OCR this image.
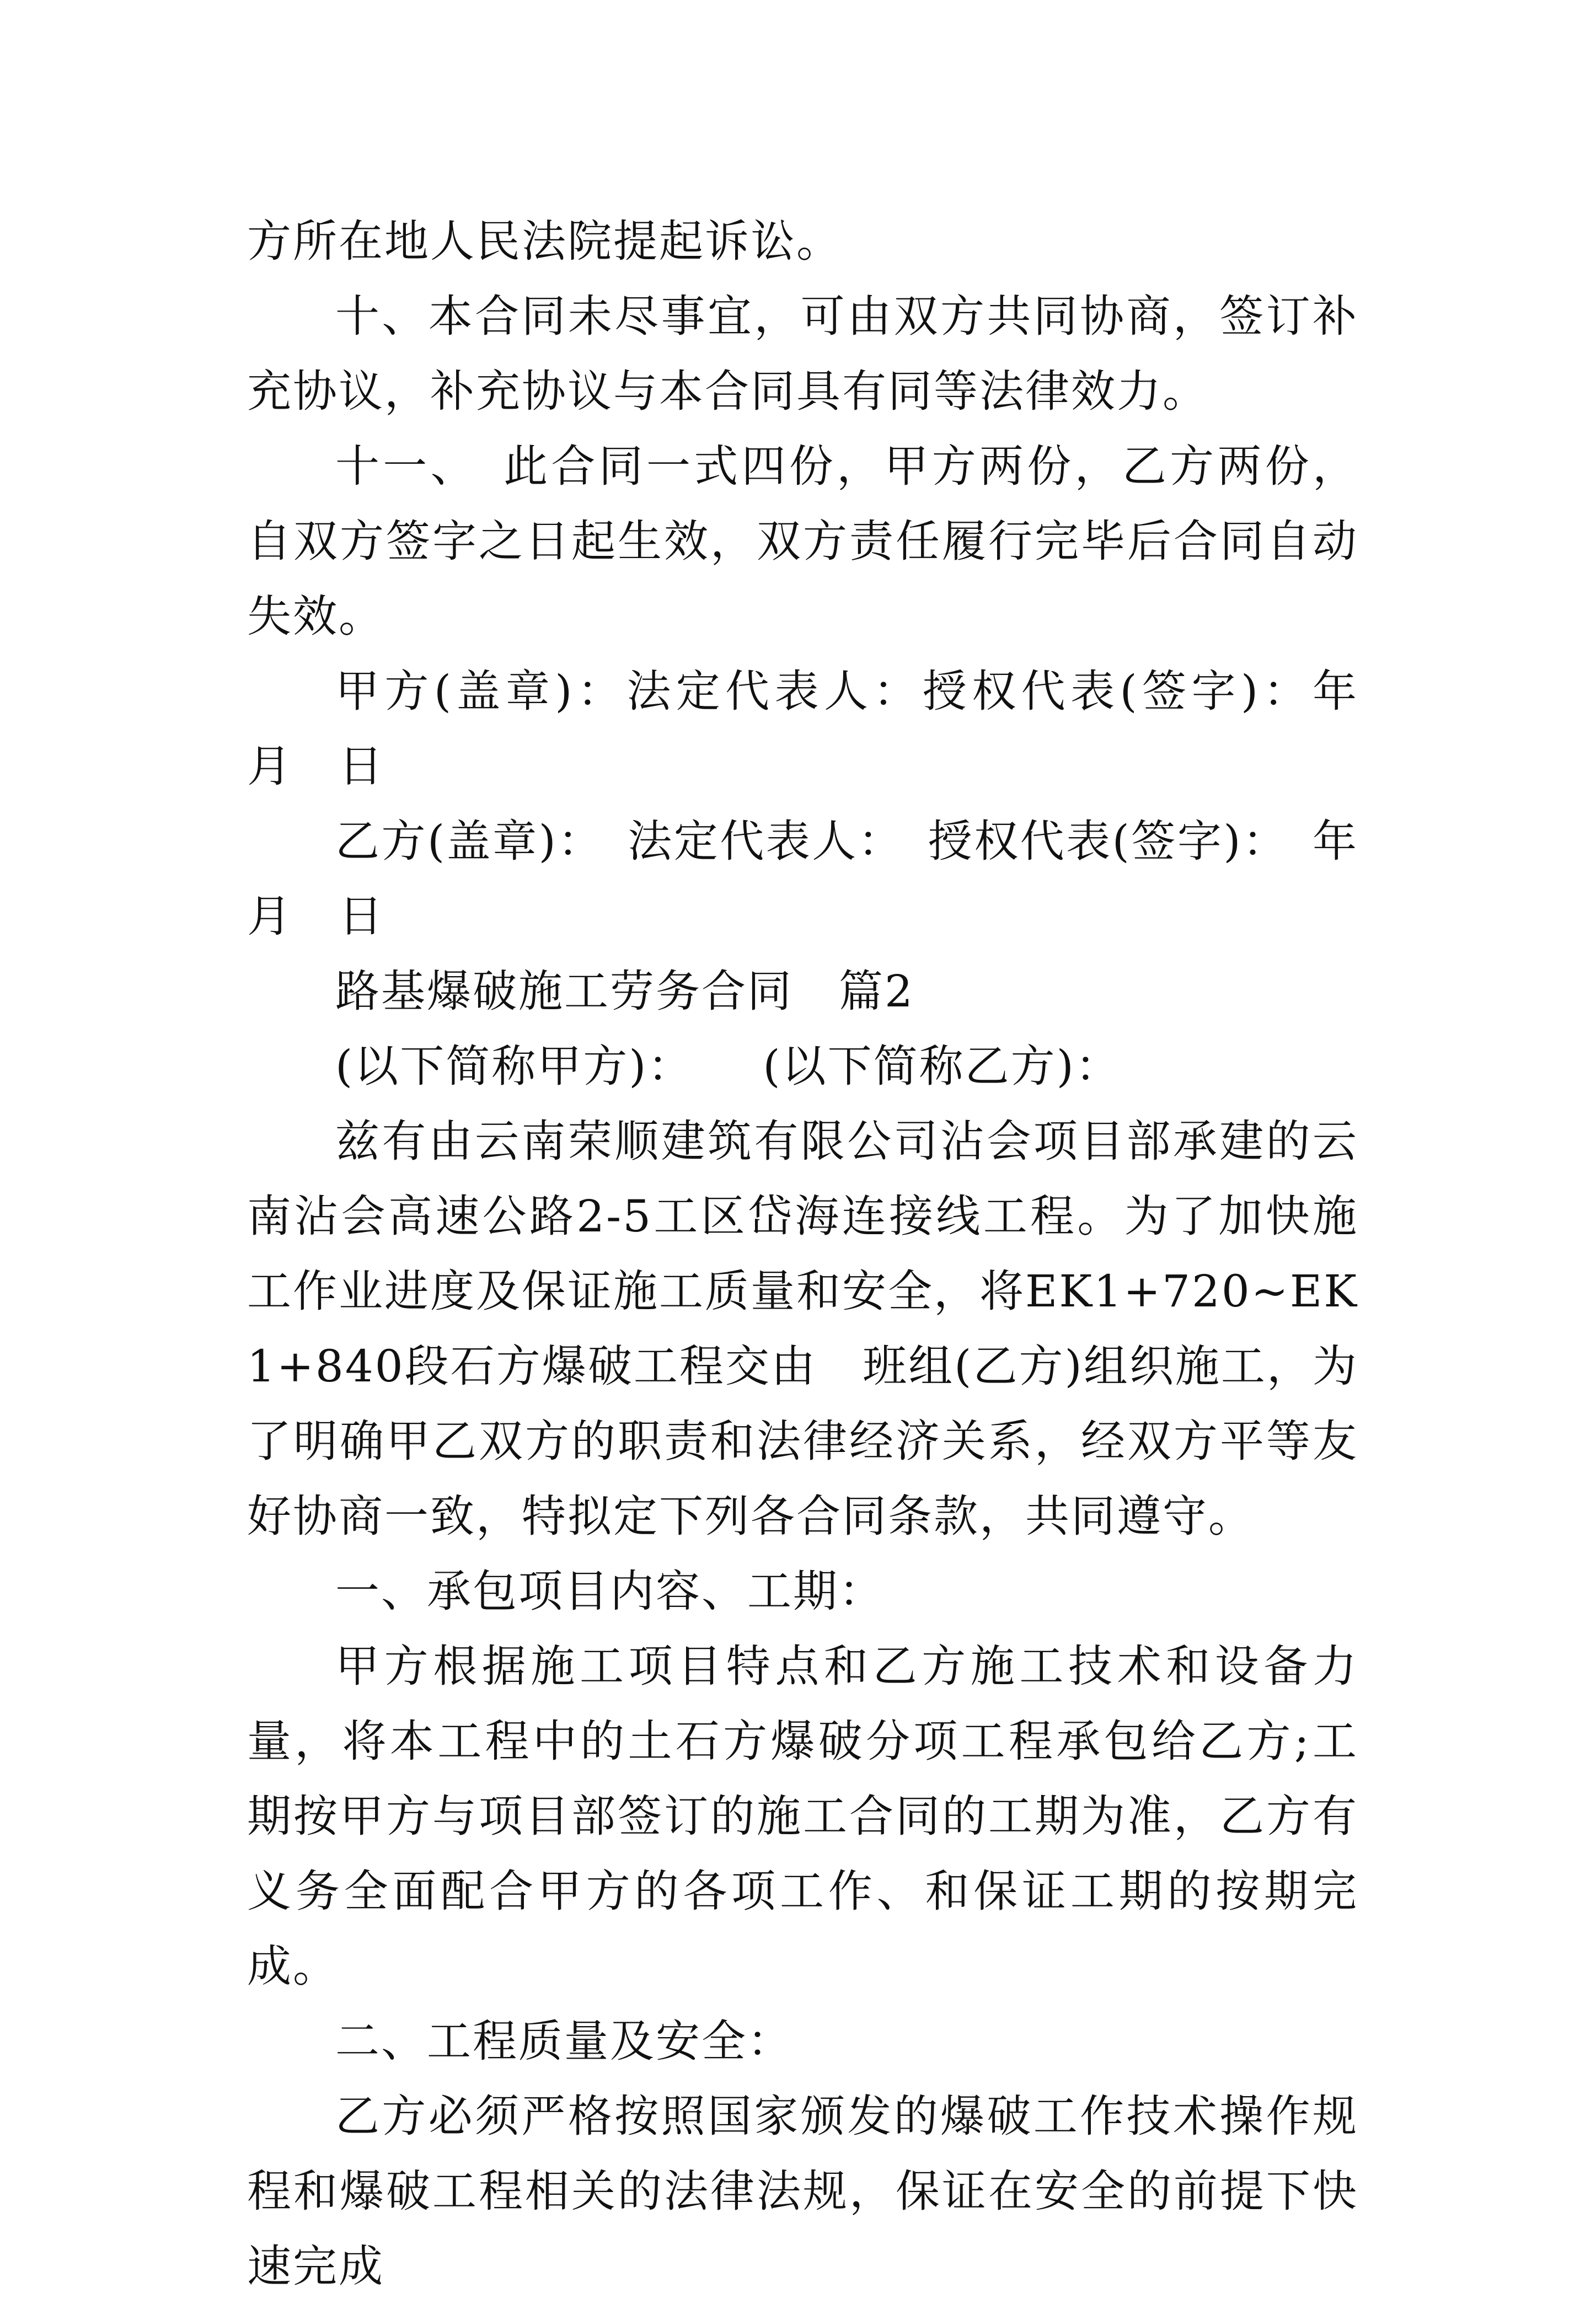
方所在地人民法院提起诉讼。

十、本合同未尽事宜，可由双方共同协商，签订补充协议，补充协议与本合同具有同等法律效力。

十一、　此合同一式四份，甲方两份，乙方两份，自双方签字之日起生效，双方责任履行完毕后合同自动失效。

甲方(盖章)：法定代表人：授权代表(签字)：年　月　日

乙方(盖章)：　法定代表人：　授权代表(签字)：　年　月　日

路基爆破施工劳务合同　篇2

(以下简称甲方)：　　(以下简称乙方)：

兹有由云南荣顺建筑有限公司沾会项目部承建的云南沾会高速公路2-5工区岱海连接线工程。为了加快施工作业进度及保证施工质量和安全，将EK1+720~EK1+840段石方爆破工程交由　班组(乙方)组织施工，为了明确甲乙双方的职责和法律经济关系，经双方平等友好协商一致，特拟定下列各合同条款，共同遵守。

一、承包项目内容、工期：

甲方根据施工项目特点和乙方施工技术和设备力量，将本工程中的土石方爆破分项工程承包给乙方;工期按甲方与项目部签订的施工合同的工期为准，乙方有义务全面配合甲方的各项工作、和保证工期的按期完成。

二、工程质量及安全：

乙方必须严格按照国家颁发的爆破工作技术操作规程和爆破工程相关的法律法规，保证在安全的前提下快速完成
